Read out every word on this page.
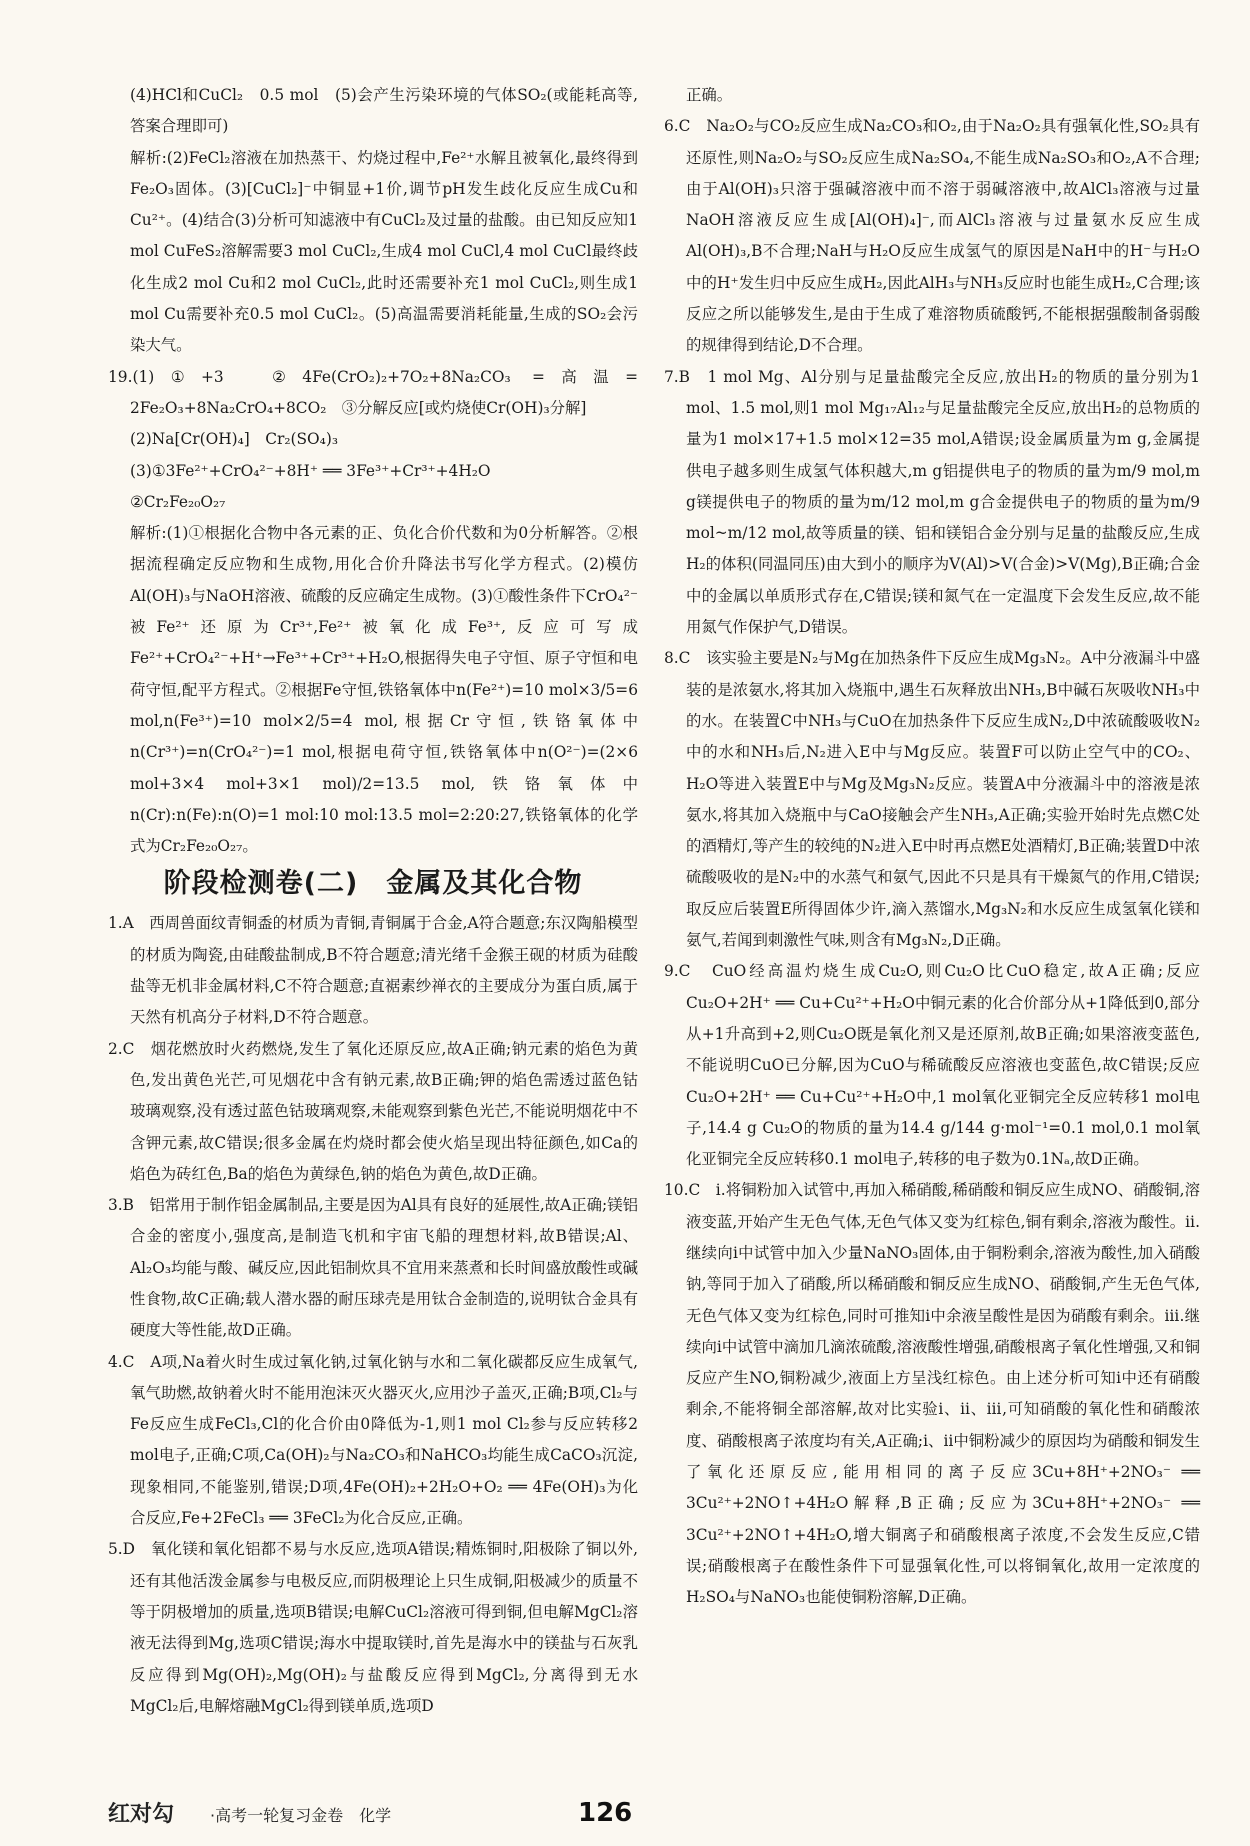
(4)HCl和CuCl₂　0.5 mol　(5)会产生污染环境的气体SO₂(或能耗高等,答案合理即可)

解析:(2)FeCl₂溶液在加热蒸干、灼烧过程中,Fe²⁺水解且被氧化,最终得到Fe₂O₃固体。(3)[CuCl₂]⁻中铜显+1价,调节pH发生歧化反应生成Cu和Cu²⁺。(4)结合(3)分析可知滤液中有CuCl₂及过量的盐酸。由已知反应知1 mol CuFeS₂溶解需要3 mol CuCl₂,生成4 mol CuCl,4 mol CuCl最终歧化生成2 mol Cu和2 mol CuCl₂,此时还需要补充1 mol CuCl₂,则生成1 mol Cu需要补充0.5 mol CuCl₂。(5)高温需要消耗能量,生成的SO₂会污染大气。

19.(1)①+3　②4Fe(CrO₂)₂+7O₂+8Na₂CO₃ =高温= 2Fe₂O₃+8Na₂CrO₄+8CO₂　③分解反应[或灼烧使Cr(OH)₃分解]

(2)Na[Cr(OH)₄]　Cr₂(SO₄)₃

(3)①3Fe²⁺+CrO₄²⁻+8H⁺ ══ 3Fe³⁺+Cr³⁺+4H₂O

②Cr₂Fe₂₀O₂₇

解析:(1)①根据化合物中各元素的正、负化合价代数和为0分析解答。②根据流程确定反应物和生成物,用化合价升降法书写化学方程式。(2)模仿Al(OH)₃与NaOH溶液、硫酸的反应确定生成物。(3)①酸性条件下CrO₄²⁻被Fe²⁺还原为Cr³⁺,Fe²⁺被氧化成Fe³⁺,反应可写成Fe²⁺+CrO₄²⁻+H⁺→Fe³⁺+Cr³⁺+H₂O,根据得失电子守恒、原子守恒和电荷守恒,配平方程式。②根据Fe守恒,铁铬氧体中n(Fe²⁺)=10 mol×3/5=6 mol,n(Fe³⁺)=10 mol×2/5=4 mol,根据Cr守恒,铁铬氧体中n(Cr³⁺)=n(CrO₄²⁻)=1 mol,根据电荷守恒,铁铬氧体中n(O²⁻)=(2×6 mol+3×4 mol+3×1 mol)/2=13.5 mol,铁铬氧体中n(Cr):n(Fe):n(O)=1 mol:10 mol:13.5 mol=2:20:27,铁铬氧体的化学式为Cr₂Fe₂₀O₂₇。

阶段检测卷(二)　金属及其化合物

1.A　西周兽面纹青铜盉的材质为青铜,青铜属于合金,A符合题意;东汉陶船模型的材质为陶瓷,由硅酸盐制成,B不符合题意;清光绪千金猴王砚的材质为硅酸盐等无机非金属材料,C不符合题意;直裾素纱禅衣的主要成分为蛋白质,属于天然有机高分子材料,D不符合题意。

2.C　烟花燃放时火药燃烧,发生了氧化还原反应,故A正确;钠元素的焰色为黄色,发出黄色光芒,可见烟花中含有钠元素,故B正确;钾的焰色需透过蓝色钴玻璃观察,没有透过蓝色钴玻璃观察,未能观察到紫色光芒,不能说明烟花中不含钾元素,故C错误;很多金属在灼烧时都会使火焰呈现出特征颜色,如Ca的焰色为砖红色,Ba的焰色为黄绿色,钠的焰色为黄色,故D正确。

3.B　铝常用于制作铝金属制品,主要是因为Al具有良好的延展性,故A正确;镁铝合金的密度小,强度高,是制造飞机和宇宙飞船的理想材料,故B错误;Al、Al₂O₃均能与酸、碱反应,因此铝制炊具不宜用来蒸煮和长时间盛放酸性或碱性食物,故C正确;载人潜水器的耐压球壳是用钛合金制造的,说明钛合金具有硬度大等性能,故D正确。

4.C　A项,Na着火时生成过氧化钠,过氧化钠与水和二氧化碳都反应生成氧气,氧气助燃,故钠着火时不能用泡沫灭火器灭火,应用沙子盖灭,正确;B项,Cl₂与Fe反应生成FeCl₃,Cl的化合价由0降低为-1,则1 mol Cl₂参与反应转移2 mol电子,正确;C项,Ca(OH)₂与Na₂CO₃和NaHCO₃均能生成CaCO₃沉淀,现象相同,不能鉴别,错误;D项,4Fe(OH)₂+2H₂O+O₂ ══ 4Fe(OH)₃为化合反应,Fe+2FeCl₃ ══ 3FeCl₂为化合反应,正确。

5.D　氧化镁和氧化铝都不易与水反应,选项A错误;精炼铜时,阳极除了铜以外,还有其他活泼金属参与电极反应,而阴极理论上只生成铜,阳极减少的质量不等于阴极增加的质量,选项B错误;电解CuCl₂溶液可得到铜,但电解MgCl₂溶液无法得到Mg,选项C错误;海水中提取镁时,首先是海水中的镁盐与石灰乳反应得到Mg(OH)₂,Mg(OH)₂与盐酸反应得到MgCl₂,分离得到无水MgCl₂后,电解熔融MgCl₂得到镁单质,选项D

正确。

6.C　Na₂O₂与CO₂反应生成Na₂CO₃和O₂,由于Na₂O₂具有强氧化性,SO₂具有还原性,则Na₂O₂与SO₂反应生成Na₂SO₄,不能生成Na₂SO₃和O₂,A不合理;由于Al(OH)₃只溶于强碱溶液中而不溶于弱碱溶液中,故AlCl₃溶液与过量NaOH溶液反应生成[Al(OH)₄]⁻,而AlCl₃溶液与过量氨水反应生成Al(OH)₃,B不合理;NaH与H₂O反应生成氢气的原因是NaH中的H⁻与H₂O中的H⁺发生归中反应生成H₂,因此AlH₃与NH₃反应时也能生成H₂,C合理;该反应之所以能够发生,是由于生成了难溶物质硫酸钙,不能根据强酸制备弱酸的规律得到结论,D不合理。

7.B　1 mol Mg、Al分别与足量盐酸完全反应,放出H₂的物质的量分别为1 mol、1.5 mol,则1 mol Mg₁₇Al₁₂与足量盐酸完全反应,放出H₂的总物质的量为1 mol×17+1.5 mol×12=35 mol,A错误;设金属质量为m g,金属提供电子越多则生成氢气体积越大,m g铝提供电子的物质的量为m/9 mol,m g镁提供电子的物质的量为m/12 mol,m g合金提供电子的物质的量为m/9 mol~m/12 mol,故等质量的镁、铝和镁铝合金分别与足量的盐酸反应,生成H₂的体积(同温同压)由大到小的顺序为V(Al)>V(合金)>V(Mg),B正确;合金中的金属以单质形式存在,C错误;镁和氮气在一定温度下会发生反应,故不能用氮气作保护气,D错误。

8.C　该实验主要是N₂与Mg在加热条件下反应生成Mg₃N₂。A中分液漏斗中盛装的是浓氨水,将其加入烧瓶中,遇生石灰释放出NH₃,B中碱石灰吸收NH₃中的水。在装置C中NH₃与CuO在加热条件下反应生成N₂,D中浓硫酸吸收N₂中的水和NH₃后,N₂进入E中与Mg反应。装置F可以防止空气中的CO₂、H₂O等进入装置E中与Mg及Mg₃N₂反应。装置A中分液漏斗中的溶液是浓氨水,将其加入烧瓶中与CaO接触会产生NH₃,A正确;实验开始时先点燃C处的酒精灯,等产生的较纯的N₂进入E中时再点燃E处酒精灯,B正确;装置D中浓硫酸吸收的是N₂中的水蒸气和氨气,因此不只是具有干燥氮气的作用,C错误;取反应后装置E所得固体少许,滴入蒸馏水,Mg₃N₂和水反应生成氢氧化镁和氨气,若闻到刺激性气味,则含有Mg₃N₂,D正确。

9.C　CuO经高温灼烧生成Cu₂O,则Cu₂O比CuO稳定,故A正确;反应Cu₂O+2H⁺ ══ Cu+Cu²⁺+H₂O中铜元素的化合价部分从+1降低到0,部分从+1升高到+2,则Cu₂O既是氧化剂又是还原剂,故B正确;如果溶液变蓝色,不能说明CuO已分解,因为CuO与稀硫酸反应溶液也变蓝色,故C错误;反应Cu₂O+2H⁺ ══ Cu+Cu²⁺+H₂O中,1 mol氧化亚铜完全反应转移1 mol电子,14.4 g Cu₂O的物质的量为14.4 g/144 g·mol⁻¹=0.1 mol,0.1 mol氧化亚铜完全反应转移0.1 mol电子,转移的电子数为0.1Nₐ,故D正确。

10.C　ⅰ.将铜粉加入试管中,再加入稀硝酸,稀硝酸和铜反应生成NO、硝酸铜,溶液变蓝,开始产生无色气体,无色气体又变为红棕色,铜有剩余,溶液为酸性。ⅱ.继续向ⅰ中试管中加入少量NaNO₃固体,由于铜粉剩余,溶液为酸性,加入硝酸钠,等同于加入了硝酸,所以稀硝酸和铜反应生成NO、硝酸铜,产生无色气体,无色气体又变为红棕色,同时可推知ⅰ中余液呈酸性是因为硝酸有剩余。ⅲ.继续向ⅰ中试管中滴加几滴浓硫酸,溶液酸性增强,硝酸根离子氧化性增强,又和铜反应产生NO,铜粉减少,液面上方呈浅红棕色。由上述分析可知ⅰ中还有硝酸剩余,不能将铜全部溶解,故对比实验ⅰ、ⅱ、ⅲ,可知硝酸的氧化性和硝酸浓度、硝酸根离子浓度均有关,A正确;ⅰ、ⅱ中铜粉减少的原因均为硝酸和铜发生了氧化还原反应,能用相同的离子反应3Cu+8H⁺+2NO₃⁻ ══ 3Cu²⁺+2NO↑+4H₂O解释,B正确;反应为3Cu+8H⁺+2NO₃⁻ ══ 3Cu²⁺+2NO↑+4H₂O,增大铜离子和硝酸根离子浓度,不会发生反应,C错误;硝酸根离子在酸性条件下可显强氧化性,可以将铜氧化,故用一定浓度的H₂SO₄与NaNO₃也能使铜粉溶解,D正确。

红对勾 ·高考一轮复习金卷　化学	126
